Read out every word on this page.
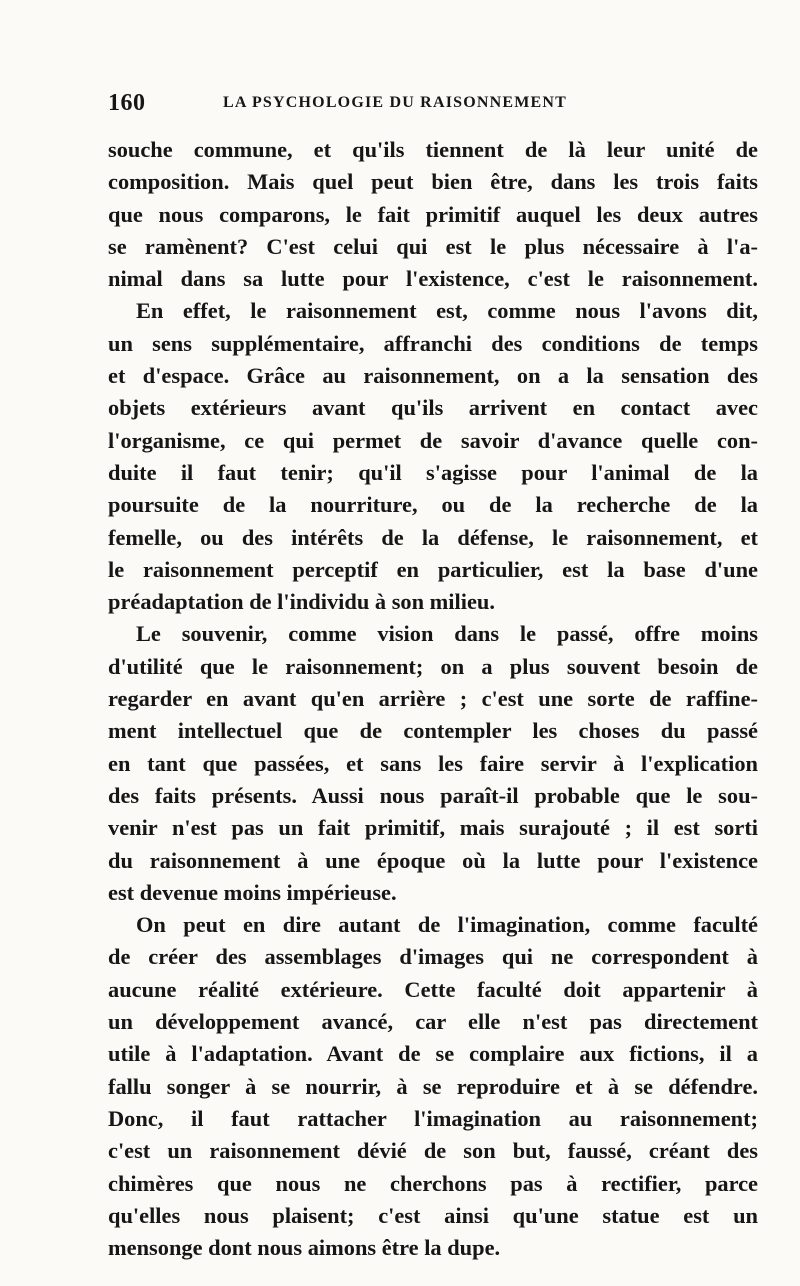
160	LA PSYCHOLOGIE DU RAISONNEMENT
souche commune, et qu'ils tiennent de là leur unité de
composition. Mais quel peut bien être, dans les trois faits
que nous comparons, le fait primitif auquel les deux autres
se ramènent? C'est celui qui est le plus nécessaire à l'a-
nimal dans sa lutte pour l'existence, c'est le raisonnement.
En effet, le raisonnement est, comme nous l'avons dit,
un sens supplémentaire, affranchi des conditions de temps
et d'espace. Grâce au raisonnement, on a la sensation des
objets extérieurs avant qu'ils arrivent en contact avec
l'organisme, ce qui permet de savoir d'avance quelle con-
duite il faut tenir; qu'il s'agisse pour l'animal de la
poursuite de la nourriture, ou de la recherche de la
femelle, ou des intérêts de la défense, le raisonnement, et
le raisonnement perceptif en particulier, est la base d'une
préadaptation de l'individu à son milieu.
Le souvenir, comme vision dans le passé, offre moins
d'utilité que le raisonnement; on a plus souvent besoin de
regarder en avant qu'en arrière ; c'est une sorte de raffine-
ment intellectuel que de contempler les choses du passé
en tant que passées, et sans les faire servir à l'explication
des faits présents. Aussi nous paraît-il probable que le sou-
venir n'est pas un fait primitif, mais surajouté ; il est sorti
du raisonnement à une époque où la lutte pour l'existence
est devenue moins impérieuse.
On peut en dire autant de l'imagination, comme faculté
de créer des assemblages d'images qui ne correspondent à
aucune réalité extérieure. Cette faculté doit appartenir à
un développement avancé, car elle n'est pas directement
utile à l'adaptation. Avant de se complaire aux fictions, il a
fallu songer à se nourrir, à se reproduire et à se défendre.
Donc, il faut rattacher l'imagination au raisonnement;
c'est un raisonnement dévié de son but, faussé, créant des
chimères que nous ne cherchons pas à rectifier, parce
qu'elles nous plaisent; c'est ainsi qu'une statue est un
mensonge dont nous aimons être la dupe.
